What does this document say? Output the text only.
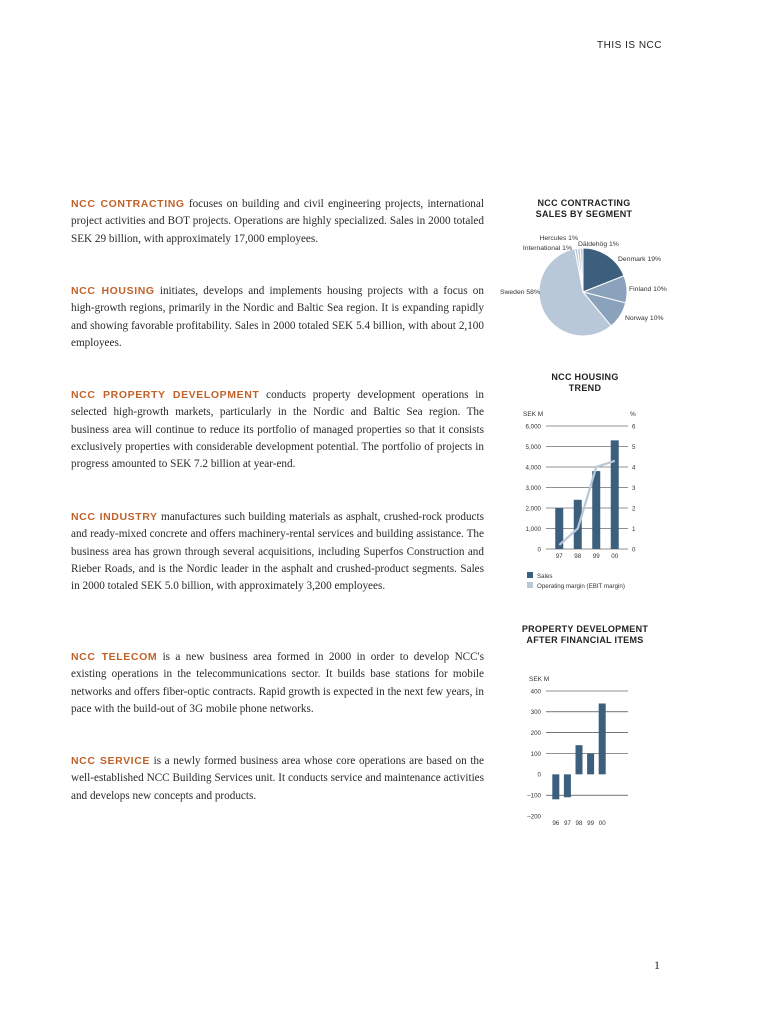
THIS IS NCC

NCC CONTRACTING focuses on building and civil engineering projects, international project activities and BOT projects. Operations are highly specialized. Sales in 2000 totaled SEK 29 billion, with approximately 17,000 employees.

NCC HOUSING initiates, develops and implements housing projects with a focus on high-growth regions, primarily in the Nordic and Baltic Sea region. It is expanding rapidly and showing favorable profitability. Sales in 2000 totaled SEK 5.4 billion, with about 2,100 employees.

NCC PROPERTY DEVELOPMENT conducts property development operations in selected high-growth markets, particularly in the Nordic and Baltic Sea region. The business area will continue to reduce its portfolio of managed properties so that it consists exclusively properties with considerable development potential. The portfolio of projects in progress amounted to SEK 7.2 billion at year-end.

NCC INDUSTRY manufactures such building materials as asphalt, crushed-rock products and ready-mixed concrete and offers machinery-rental services and building assistance. The business area has grown through several acquisitions, including Superfos Construction and Rieber Roads, and is the Nordic leader in the asphalt and crushed-product segments. Sales in 2000 totaled SEK 5.0 billion, with approximately 3,200 employees.

NCC TELECOM is a new business area formed in 2000 in order to develop NCC's existing operations in the telecommunications sector. It builds base stations for mobile networks and offers fiber-optic contracts. Rapid growth is expected in the next few years, in pace with the build-out of 3G mobile phone networks.

NCC SERVICE is a newly formed business area whose core operations are based on the well-established NCC Building Services unit. It conducts service and maintenance activities and develops new concepts and products.

NCC CONTRACTING SALES BY SEGMENT
Denmark 19%
Finland 10%
Norway 10%
Sweden 58%
International 1%
Hercules 1%
Däldehög 1%
NCC HOUSING TREND
SEK M	%
0	0
1,000	1
2,000	2
3,000	3
4,000	4
5,000	5
6,000	6
97 98 99 00
Sales
Operating margin (EBIT margin)
PROPERTY DEVELOPMENT AFTER FINANCIAL ITEMS
SEK M
–200
–100
0
100
200
300
400
96 97 98 99 00
1
